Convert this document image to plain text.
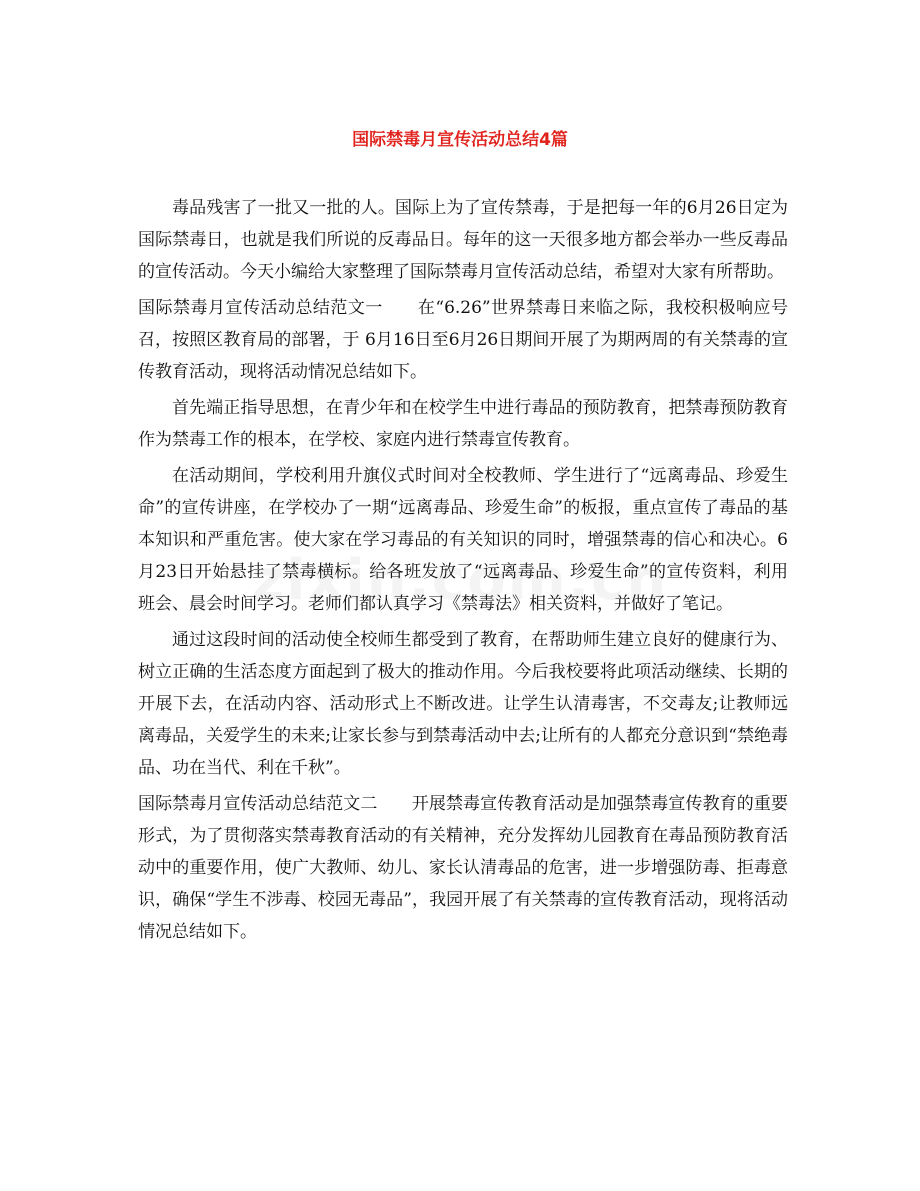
国际禁毒月宣传活动总结4篇

毒品残害了一批又一批的人。国际上为了宣传禁毒，于是把每一年的6月26日定为国际禁毒日，也就是我们所说的反毒品日。每年的这一天很多地方都会举办一些反毒品的宣传活动。今天小编给大家整理了国际禁毒月宣传活动总结，希望对大家有所帮助。

国际禁毒月宣传活动总结范文一　　在“6.26”世界禁毒日来临之际，我校积极响应号召，按照区教育局的部署，于 6月16日至6月26日期间开展了为期两周的有关禁毒的宣传教育活动，现将活动情况总结如下。

首先端正指导思想，在青少年和在校学生中进行毒品的预防教育，把禁毒预防教育作为禁毒工作的根本，在学校、家庭内进行禁毒宣传教育。

在活动期间，学校利用升旗仪式时间对全校教师、学生进行了“远离毒品、珍爱生命”的宣传讲座，在学校办了一期“远离毒品、珍爱生命”的板报，重点宣传了毒品的基本知识和严重危害。使大家在学习毒品的有关知识的同时，增强禁毒的信心和决心。6月23日开始悬挂了禁毒横标。给各班发放了“远离毒品、珍爱生命”的宣传资料，利用班会、晨会时间学习。老师们都认真学习《禁毒法》相关资料，并做好了笔记。

通过这段时间的活动使全校师生都受到了教育，在帮助师生建立良好的健康行为、树立正确的生活态度方面起到了极大的推动作用。今后我校要将此项活动继续、长期的开展下去，在活动内容、活动形式上不断改进。让学生认清毒害，不交毒友;让教师远离毒品，关爱学生的未来;让家长参与到禁毒活动中去;让所有的人都充分意识到“禁绝毒品、功在当代、利在千秋”。

国际禁毒月宣传活动总结范文二　　开展禁毒宣传教育活动是加强禁毒宣传教育的重要形式，为了贯彻落实禁毒教育活动的有关精神，充分发挥幼儿园教育在毒品预防教育活动中的重要作用，使广大教师、幼儿、家长认清毒品的危害，进一步增强防毒、拒毒意识，确保“学生不涉毒、校园无毒品”，我园开展了有关禁毒的宣传教育活动，现将活动情况总结如下。
